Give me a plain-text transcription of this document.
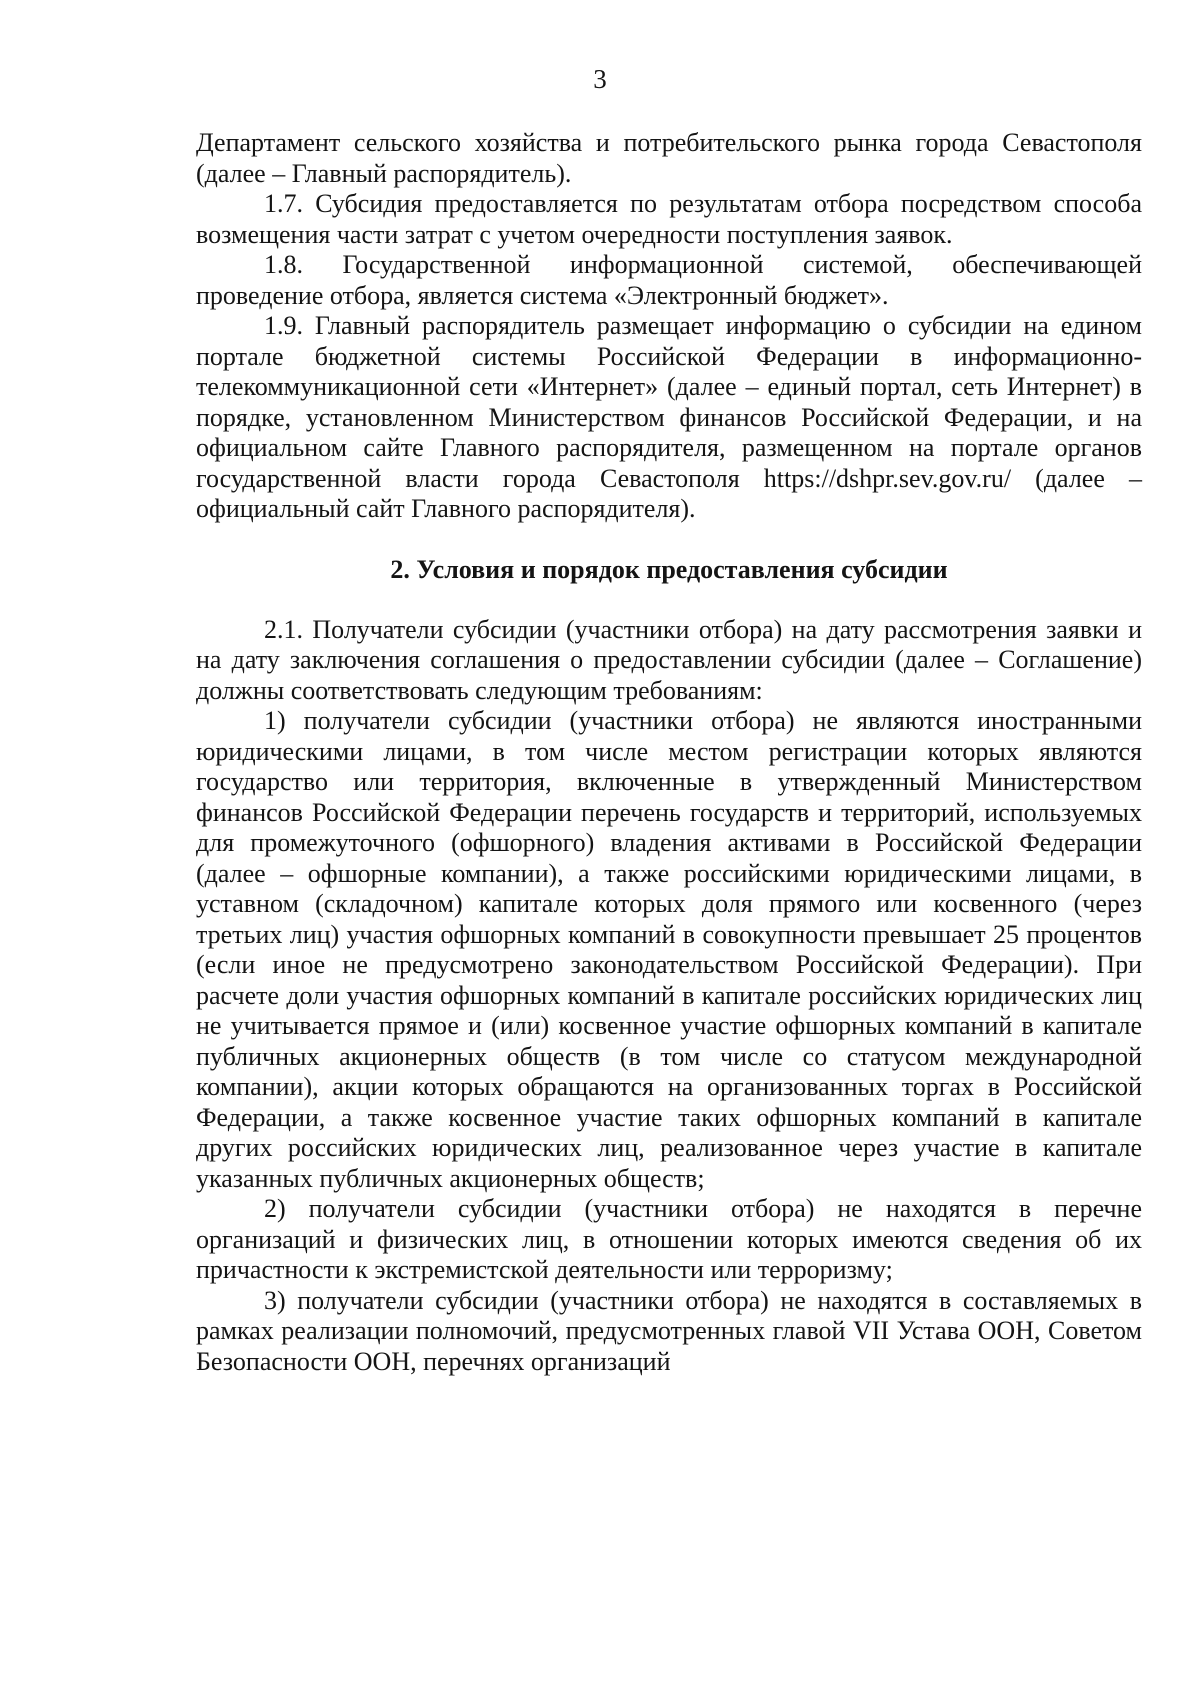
3

Департамент сельского хозяйства и потребительского рынка города Севастополя (далее – Главный распорядитель).

1.7. Субсидия предоставляется по результатам отбора посредством способа возмещения части затрат с учетом очередности поступления заявок.

1.8. Государственной информационной системой, обеспечивающей проведение отбора, является система «Электронный бюджет».

1.9. Главный распорядитель размещает информацию о субсидии на едином портале бюджетной системы Российской Федерации в информационно-телекоммуникационной сети «Интернет» (далее – единый портал, сеть Интернет) в порядке, установленном Министерством финансов Российской Федерации, и на официальном сайте Главного распорядителя, размещенном на портале органов государственной власти города Севастополя https://dshpr.sev.gov.ru/ (далее – официальный сайт Главного распорядителя).

2. Условия и порядок предоставления субсидии

2.1. Получатели субсидии (участники отбора) на дату рассмотрения заявки и на дату заключения соглашения о предоставлении субсидии (далее – Соглашение) должны соответствовать следующим требованиям:

1) получатели субсидии (участники отбора) не являются иностранными юридическими лицами, в том числе местом регистрации которых являются государство или территория, включенные в утвержденный Министерством финансов Российской Федерации перечень государств и территорий, используемых для промежуточного (офшорного) владения активами в Российской Федерации (далее – офшорные компании), а также российскими юридическими лицами, в уставном (складочном) капитале которых доля прямого или косвенного (через третьих лиц) участия офшорных компаний в совокупности превышает 25 процентов (если иное не предусмотрено законодательством Российской Федерации). При расчете доли участия офшорных компаний в капитале российских юридических лиц не учитывается прямое и (или) косвенное участие офшорных компаний в капитале публичных акционерных обществ (в том числе со статусом международной компании), акции которых обращаются на организованных торгах в Российской Федерации, а также косвенное участие таких офшорных компаний в капитале других российских юридических лиц, реализованное через участие в капитале указанных публичных акционерных обществ;

2) получатели субсидии (участники отбора) не находятся в перечне организаций и физических лиц, в отношении которых имеются сведения об их причастности к экстремистской деятельности или терроризму;

3) получатели субсидии (участники отбора) не находятся в составляемых в рамках реализации полномочий, предусмотренных главой VII Устава ООН, Советом Безопасности ООН, перечнях организаций
